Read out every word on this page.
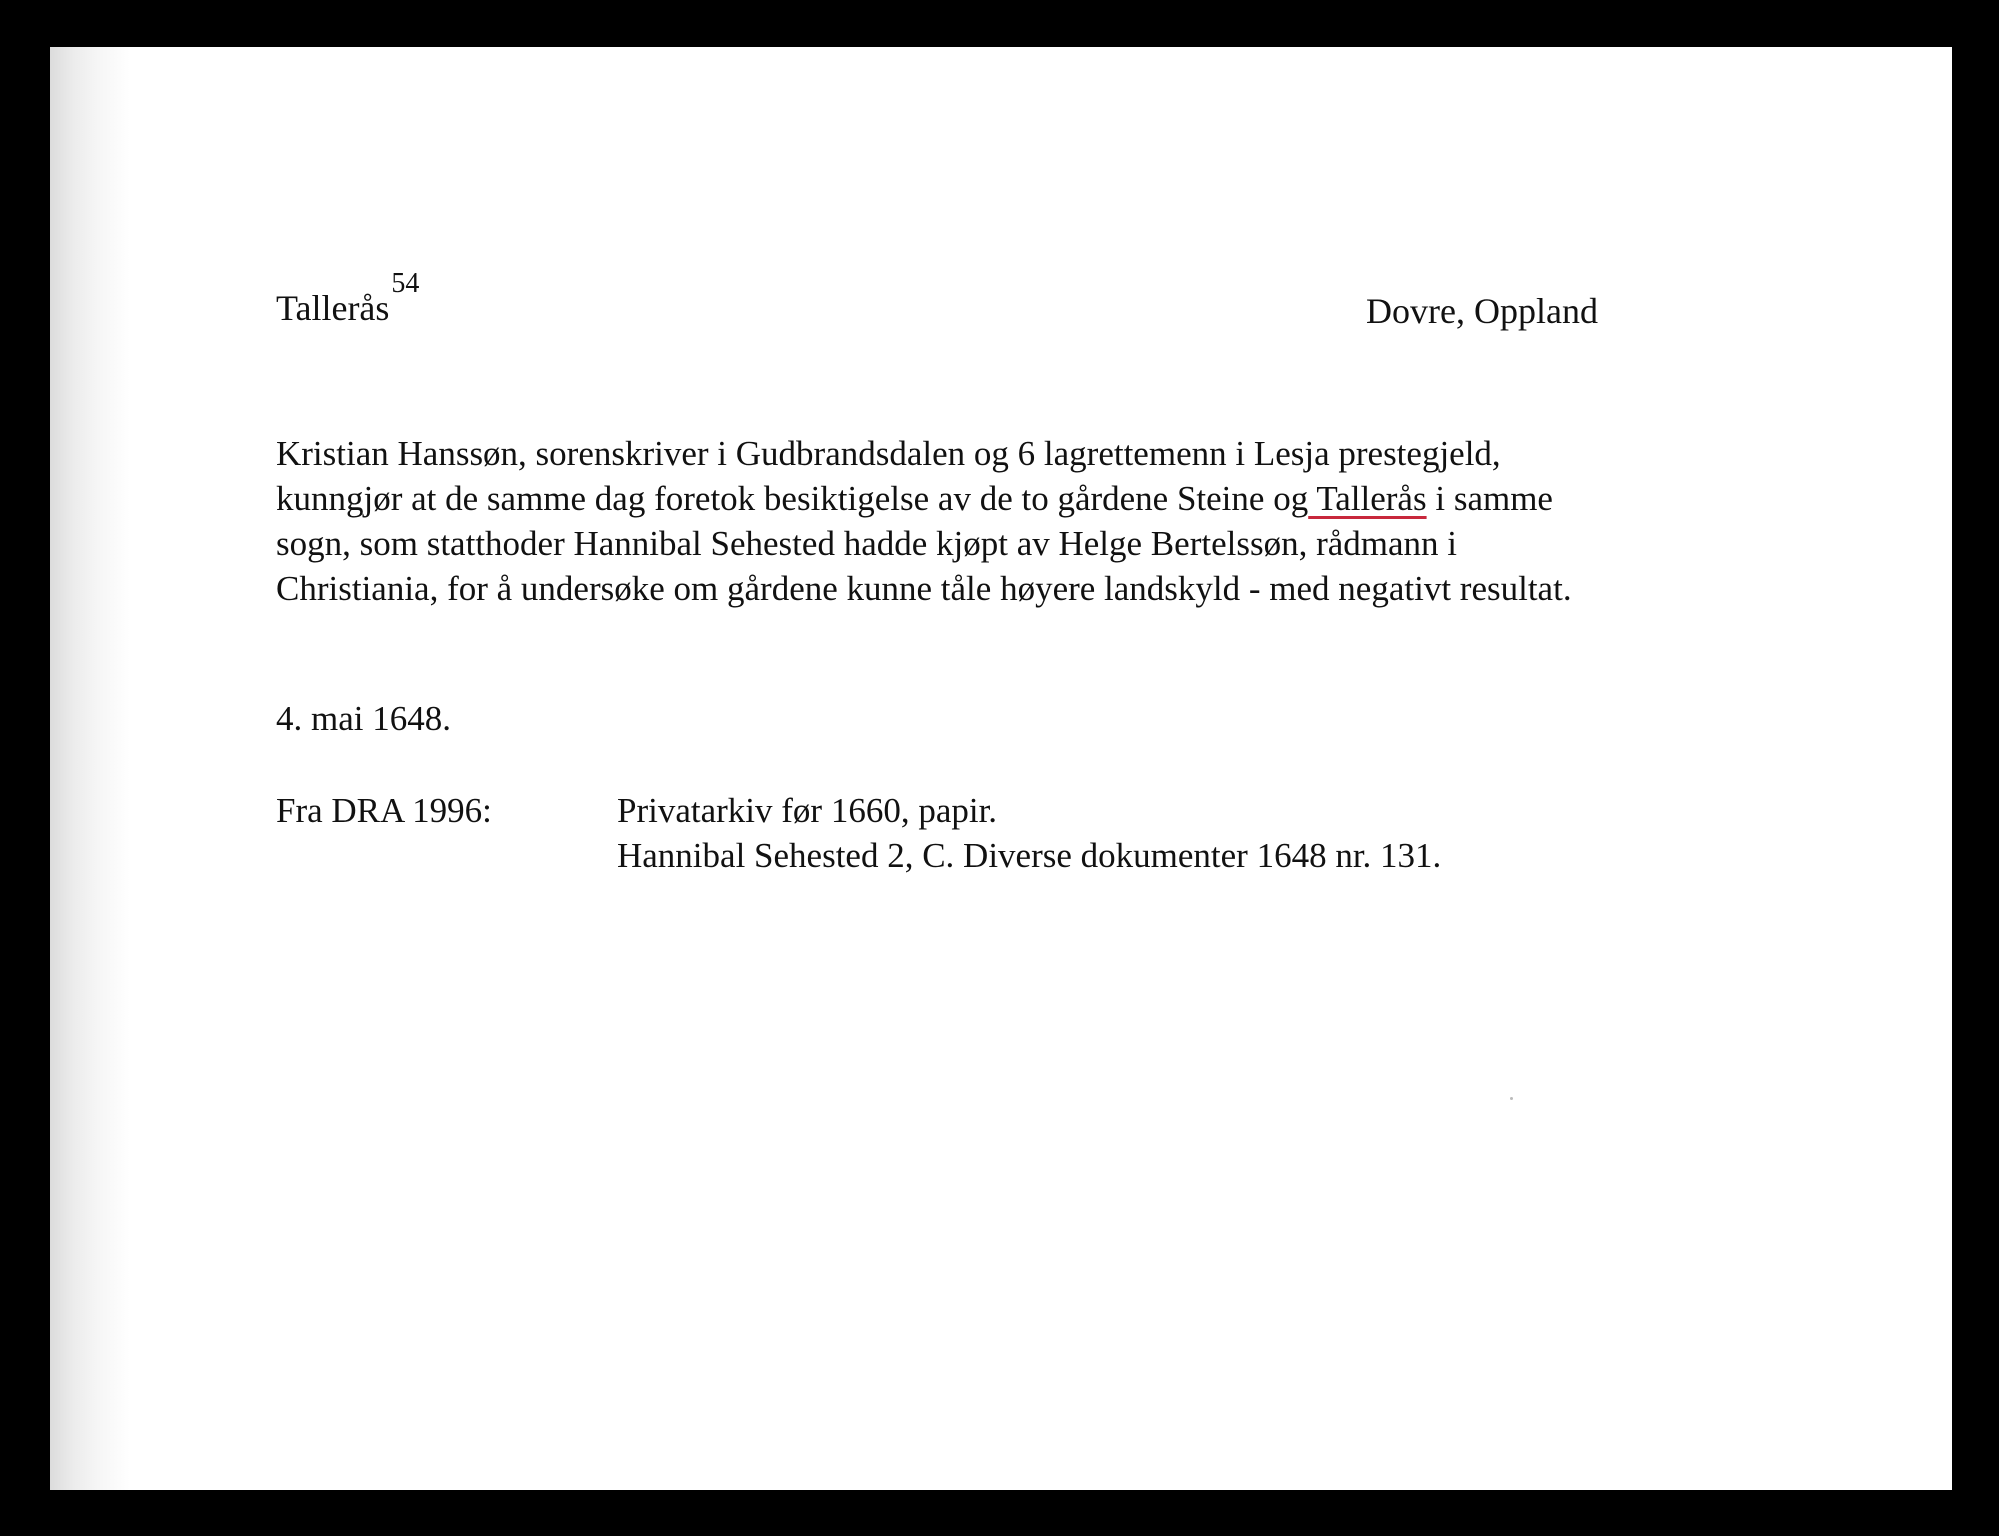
Tallerås$^{54}$
Dovre, Oppland
Kristian Hanssøn, sorenskriver i Gudbrandsdalen og 6 lagrettemenn i Lesja prestegjeld,
kunngjør at de samme dag foretok besiktigelse av de to gårdene Steine og Tallerås i samme
sogn, som statthoder Hannibal Sehested hadde kjøpt av Helge Bertelssøn, rådmann i
Christiania, for å undersøke om gårdene kunne tåle høyere landskyld - med negativt resultat.
4. mai 1648.
Fra DRA 1996:	Privatarkiv før 1660, papir.
Hannibal Sehested 2, C. Diverse dokumenter 1648 nr. 131.
